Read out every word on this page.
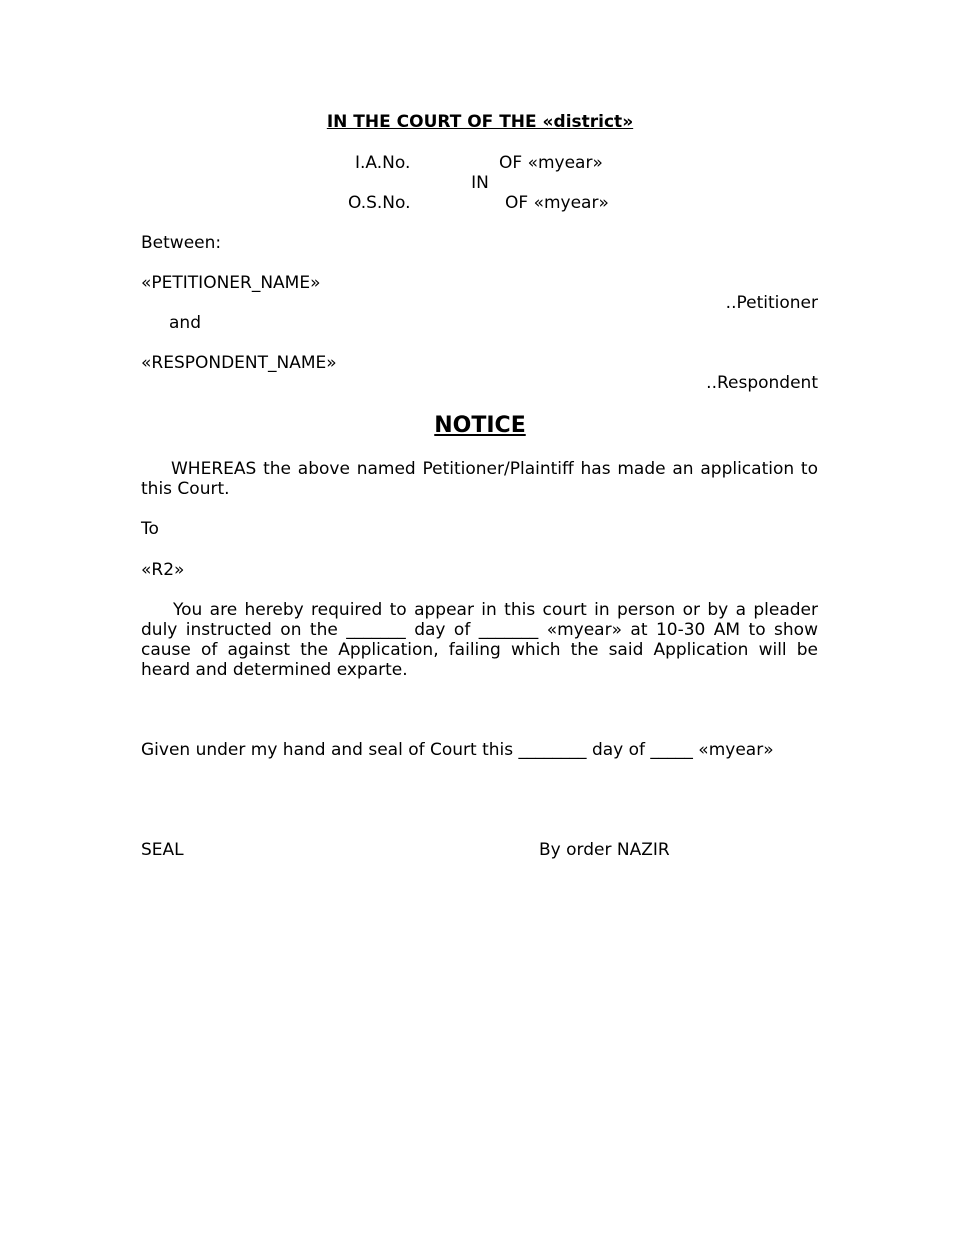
IN THE COURT OF THE «district»
I.A.No.	OF «myear»
IN
O.S.No.	OF «myear»
Between:
«PETITIONER_NAME»
..Petitioner
and
«RESPONDENT_NAME»
..Respondent
NOTICE
WHEREAS the above named Petitioner/Plaintiff has made an application to this Court.
To
«R2»
You are hereby required to appear in this court in person or by a pleader duly instructed on the _______ day of _______ «myear» at 10-30 AM to show cause of against the Application, failing which the said Application will be heard and determined exparte.
Given under my hand and seal of Court this ________ day of _____ «myear»
SEAL	By order NAZIR
